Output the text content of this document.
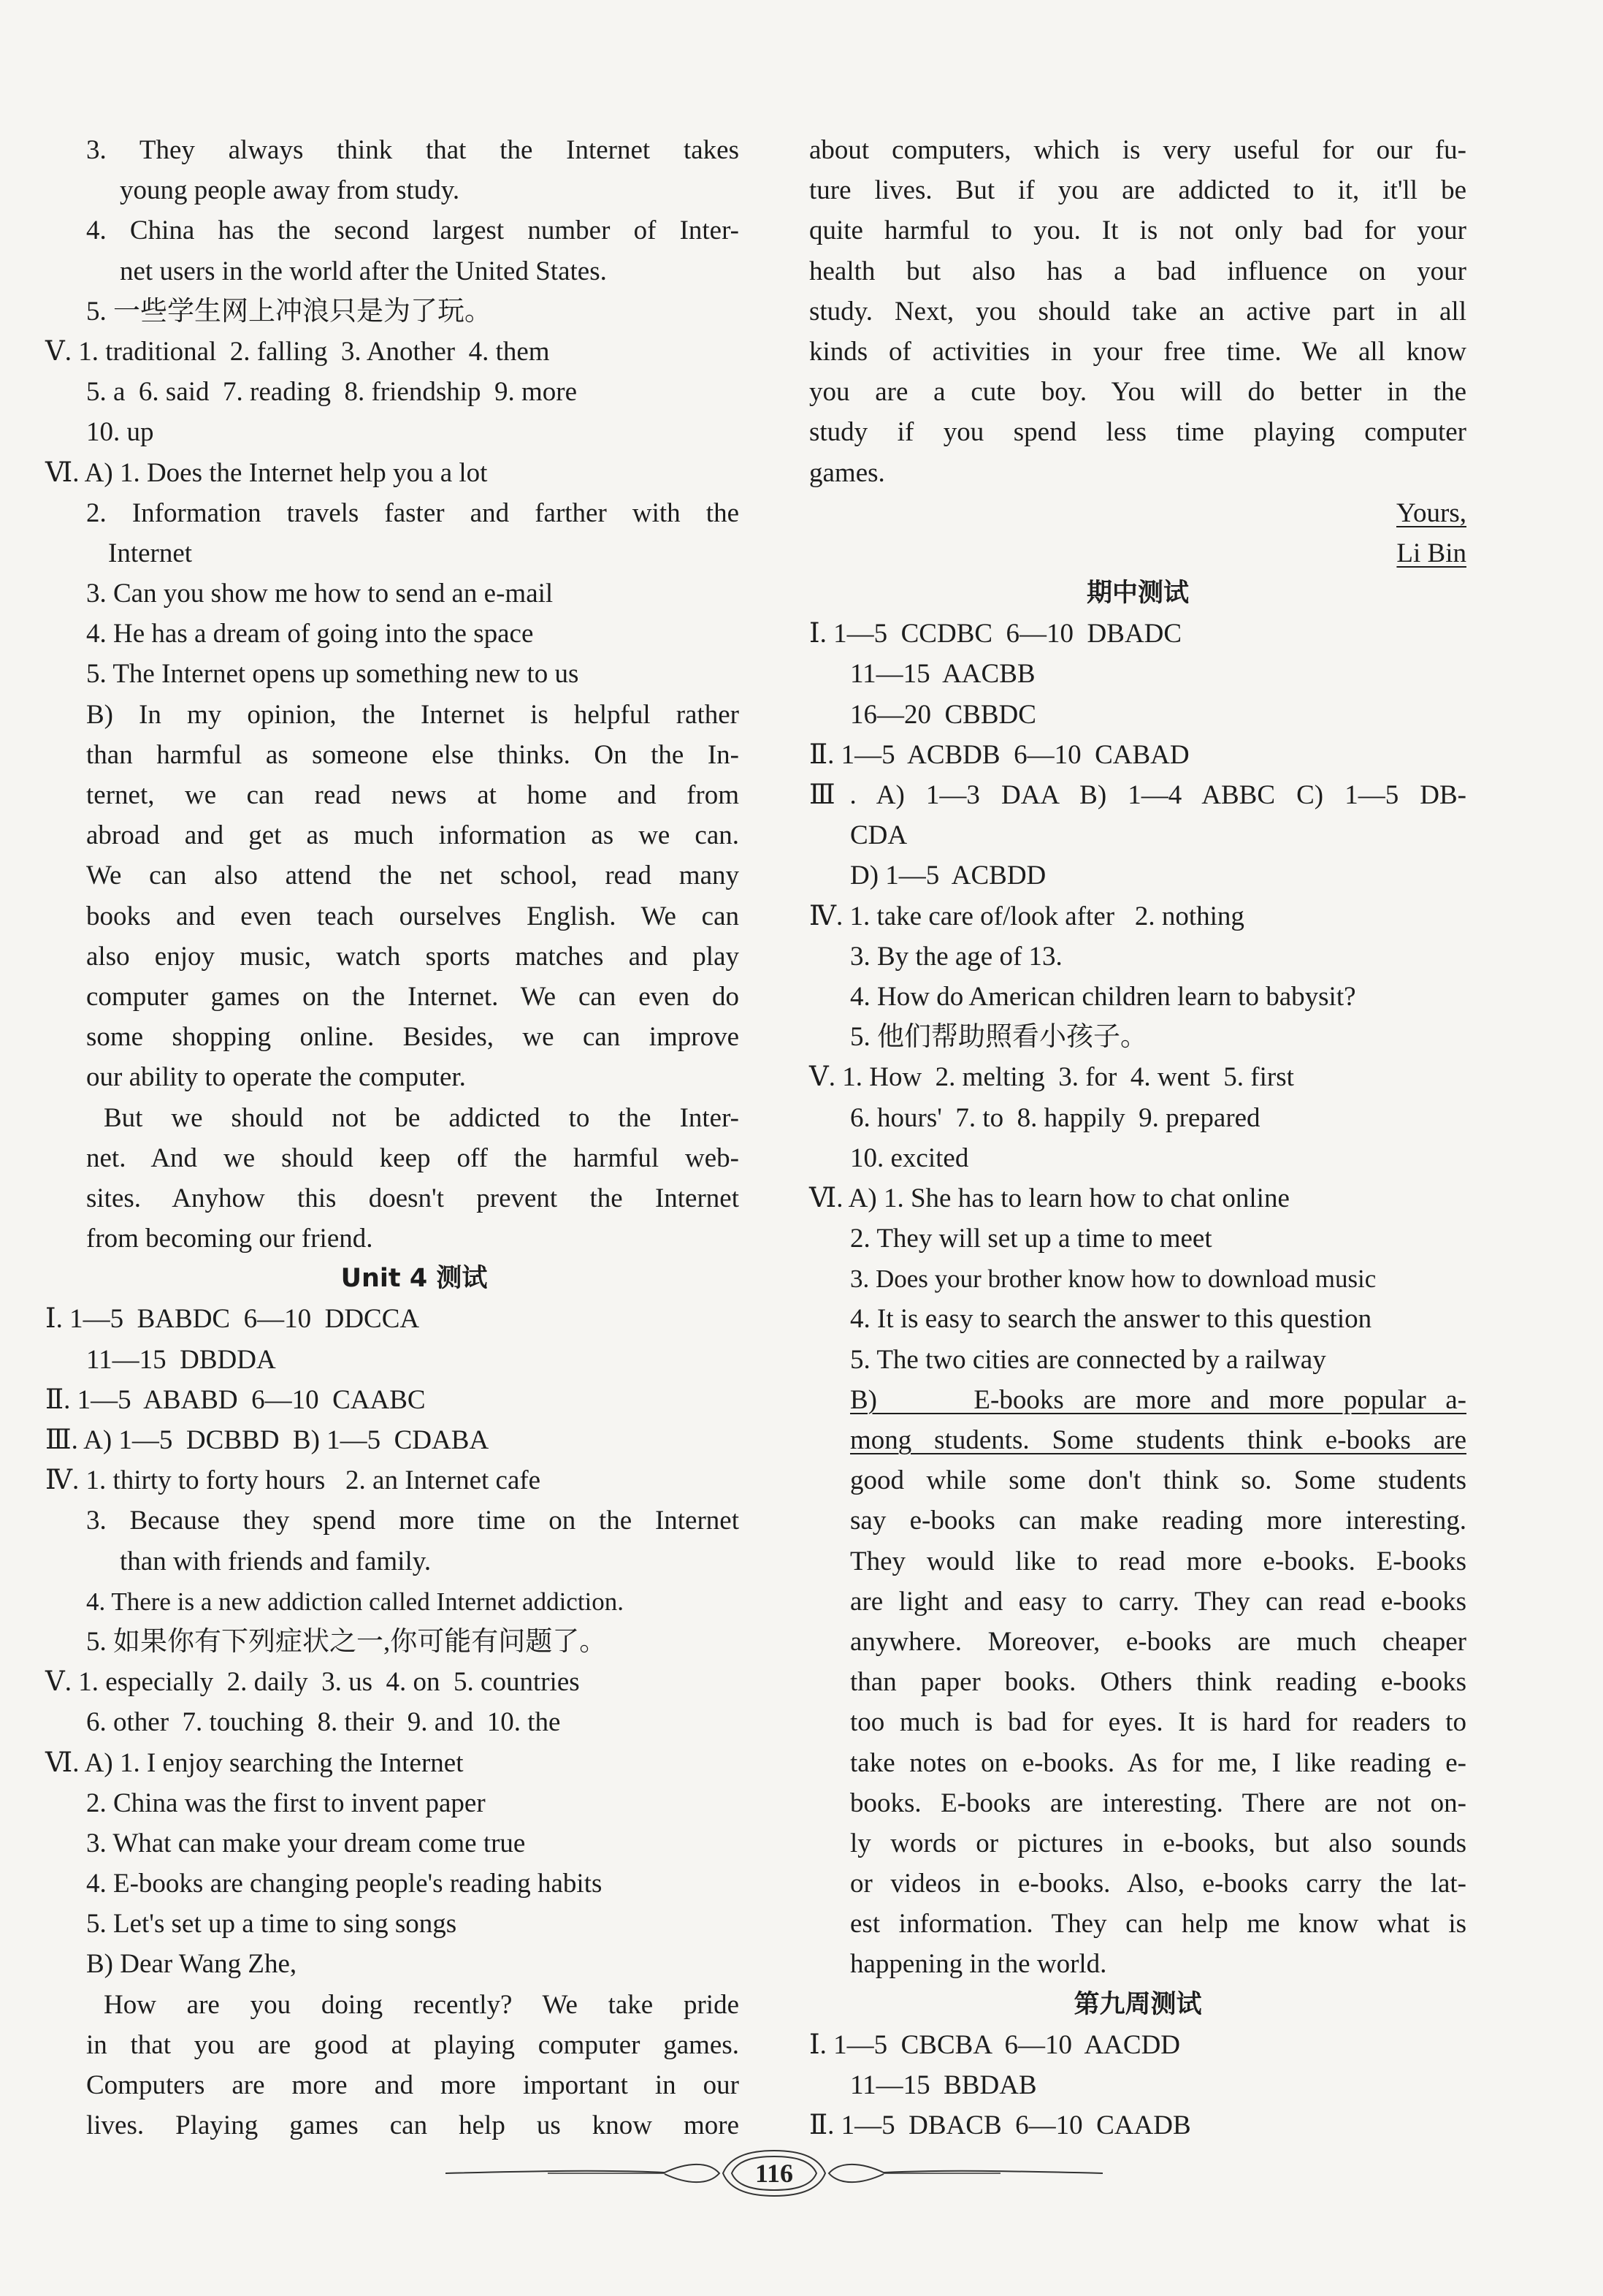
3. They always think that the Internet takes
young people away from study.
4. China has the second largest number of Inter-
net users in the world after the United States.
5. 一些学生网上冲浪只是为了玩。
Ⅴ. 1. traditional  2. falling  3. Another  4. them
5. a  6. said  7. reading  8. friendship  9. more
10. up
Ⅵ. A) 1. Does the Internet help you a lot
2. Information travels faster and farther with the
Internet
3. Can you show me how to send an e-mail
4. He has a dream of going into the space
5. The Internet opens up something new to us
B) In my opinion, the Internet is helpful rather
than harmful as someone else thinks. On the In-
ternet, we can read news at home and from
abroad and get as much information as we can.
We can also attend the net school, read many
books and even teach ourselves English. We can
also enjoy music, watch sports matches and play
computer games on the Internet. We can even do
some shopping online. Besides, we can improve
our ability to operate the computer.
But we should not be addicted to the Inter-
net. And we should keep off the harmful web-
sites. Anyhow this doesn't prevent the Internet
from becoming our friend.
Unit 4 测试
Ⅰ. 1—5  BABDC  6—10  DDCCA
11—15  DBDDA
Ⅱ. 1—5  ABABD  6—10  CAABC
Ⅲ. A) 1—5  DCBBD  B) 1—5  CDABA
Ⅳ. 1. thirty to forty hours   2. an Internet cafe
3. Because they spend more time on the Internet
than with friends and family.
4. There is a new addiction called Internet addiction.
5. 如果你有下列症状之一,你可能有问题了。
Ⅴ. 1. especially  2. daily  3. us  4. on  5. countries
6. other  7. touching  8. their  9. and  10. the
Ⅵ. A) 1. I enjoy searching the Internet
2. China was the first to invent paper
3. What can make your dream come true
4. E-books are changing people's reading habits
5. Let's set up a time to sing songs
B) Dear Wang Zhe,
How are you doing recently? We take pride
in that you are good at playing computer games.
Computers are more and more important in our
lives. Playing games can help us know more
about computers, which is very useful for our fu-
ture lives. But if you are addicted to it, it'll be
quite harmful to you. It is not only bad for your
health but also has a bad influence on your
study. Next, you should take an active part in all
kinds of activities in your free time. We all know
you are a cute boy. You will do better in the
study if you spend less time playing computer
games.
Yours,
Li Bin
期中测试
Ⅰ. 1—5  CCDBC  6—10  DBADC
11—15  AACBB
16—20  CBBDC
Ⅱ. 1—5  ACBDB  6—10  CABAD
Ⅲ. A) 1—3 DAA B) 1—4 ABBC C) 1—5 DB-
CDA
D) 1—5  ACBDD
Ⅳ. 1. take care of/look after   2. nothing
3. By the age of 13.
4. How do American children learn to babysit?
5. 他们帮助照看小孩子。
Ⅴ. 1. How  2. melting  3. for  4. went  5. first
6. hours'  7. to  8. happily  9. prepared
10. excited
Ⅵ. A) 1. She has to learn how to chat online
2. They will set up a time to meet
3. Does your brother know how to download music
4. It is easy to search the answer to this question
5. The two cities are connected by a railway
B)     E-books are more and more popular a-
mong students. Some students think e-books are
good while some don't think so. Some students
say e-books can make reading more interesting.
They would like to read more e-books. E-books
are light and easy to carry. They can read e-books
anywhere. Moreover, e-books are much cheaper
than paper books. Others think reading e-books
too much is bad for eyes. It is hard for readers to
take notes on e-books. As for me, I like reading e-
books. E-books are interesting. There are not on-
ly words or pictures in e-books, but also sounds
or videos in e-books. Also, e-books carry the lat-
est information. They can help me know what is
happening in the world.
第九周测试
Ⅰ. 1—5  CBCBA  6—10  AACDD
11—15  BBDAB
Ⅱ. 1—5  DBACB  6—10  CAADB
116
